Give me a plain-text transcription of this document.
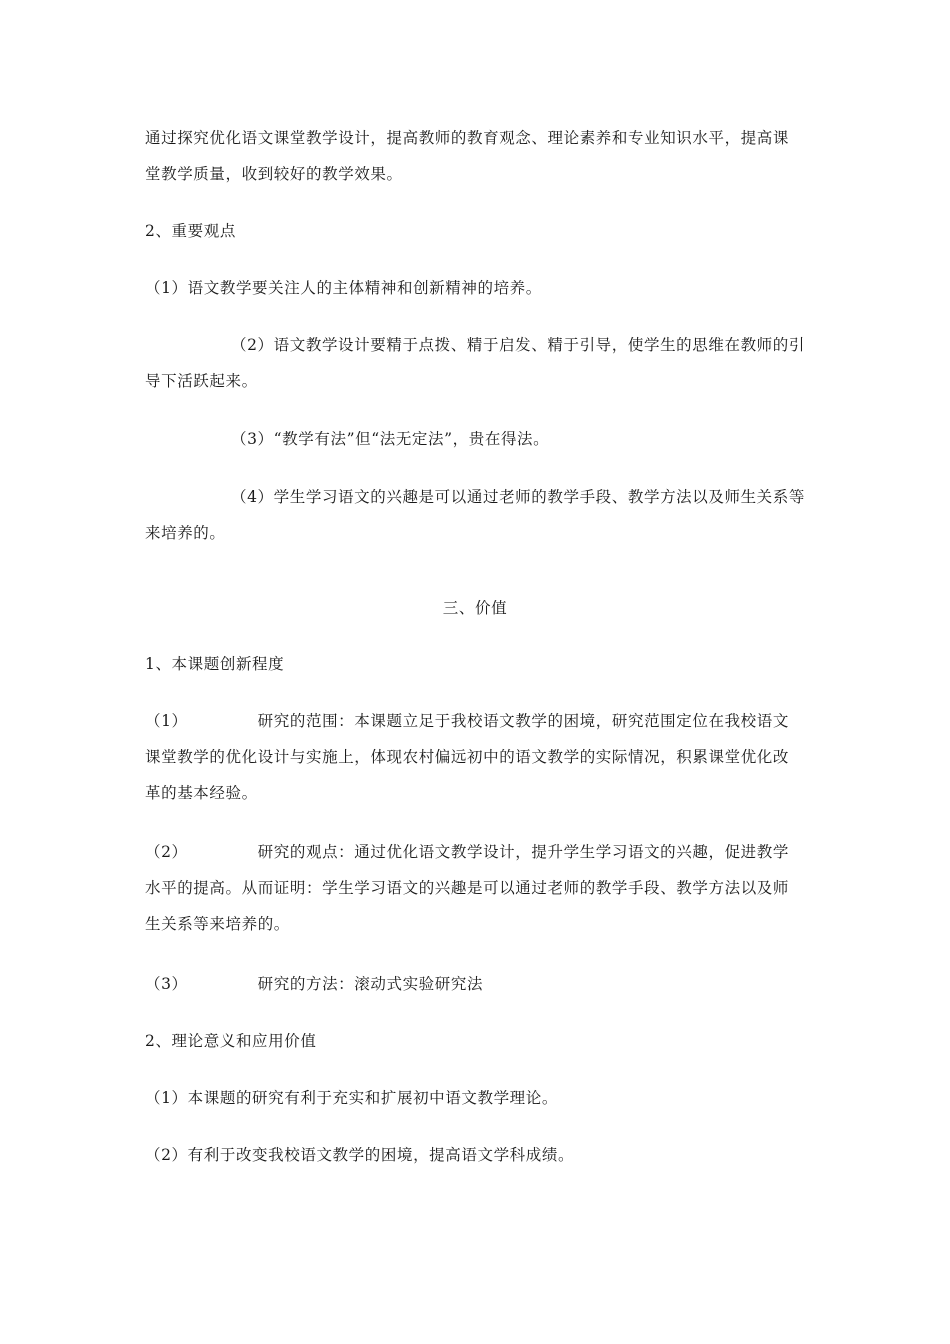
通过探究优化语文课堂教学设计，提高教师的教育观念、理论素养和专业知识水平，提高课堂教学质量，收到较好的教学效果。

2、重要观点

（1）语文教学要关注人的主体精神和创新精神的培养。

（2）语文教学设计要精于点拨、精于启发、精于引导，使学生的思维在教师的引导下活跃起来。

（3）“教学有法”但“法无定法”，贵在得法。

（4）学生学习语文的兴趣是可以通过老师的教学手段、教学方法以及师生关系等来培养的。

三、价值

1、本课题创新程度

（1）	研究的范围：本课题立足于我校语文教学的困境，研究范围定位在我校语文课堂教学的优化设计与实施上，体现农村偏远初中的语文教学的实际情况，积累课堂优化改革的基本经验。

（2）	研究的观点：通过优化语文教学设计，提升学生学习语文的兴趣，促进教学水平的提高。从而证明：学生学习语文的兴趣是可以通过老师的教学手段、教学方法以及师生关系等来培养的。

（3）	研究的方法：滚动式实验研究法

2、理论意义和应用价值

（1）本课题的研究有利于充实和扩展初中语文教学理论。

（2）有利于改变我校语文教学的困境，提高语文学科成绩。
